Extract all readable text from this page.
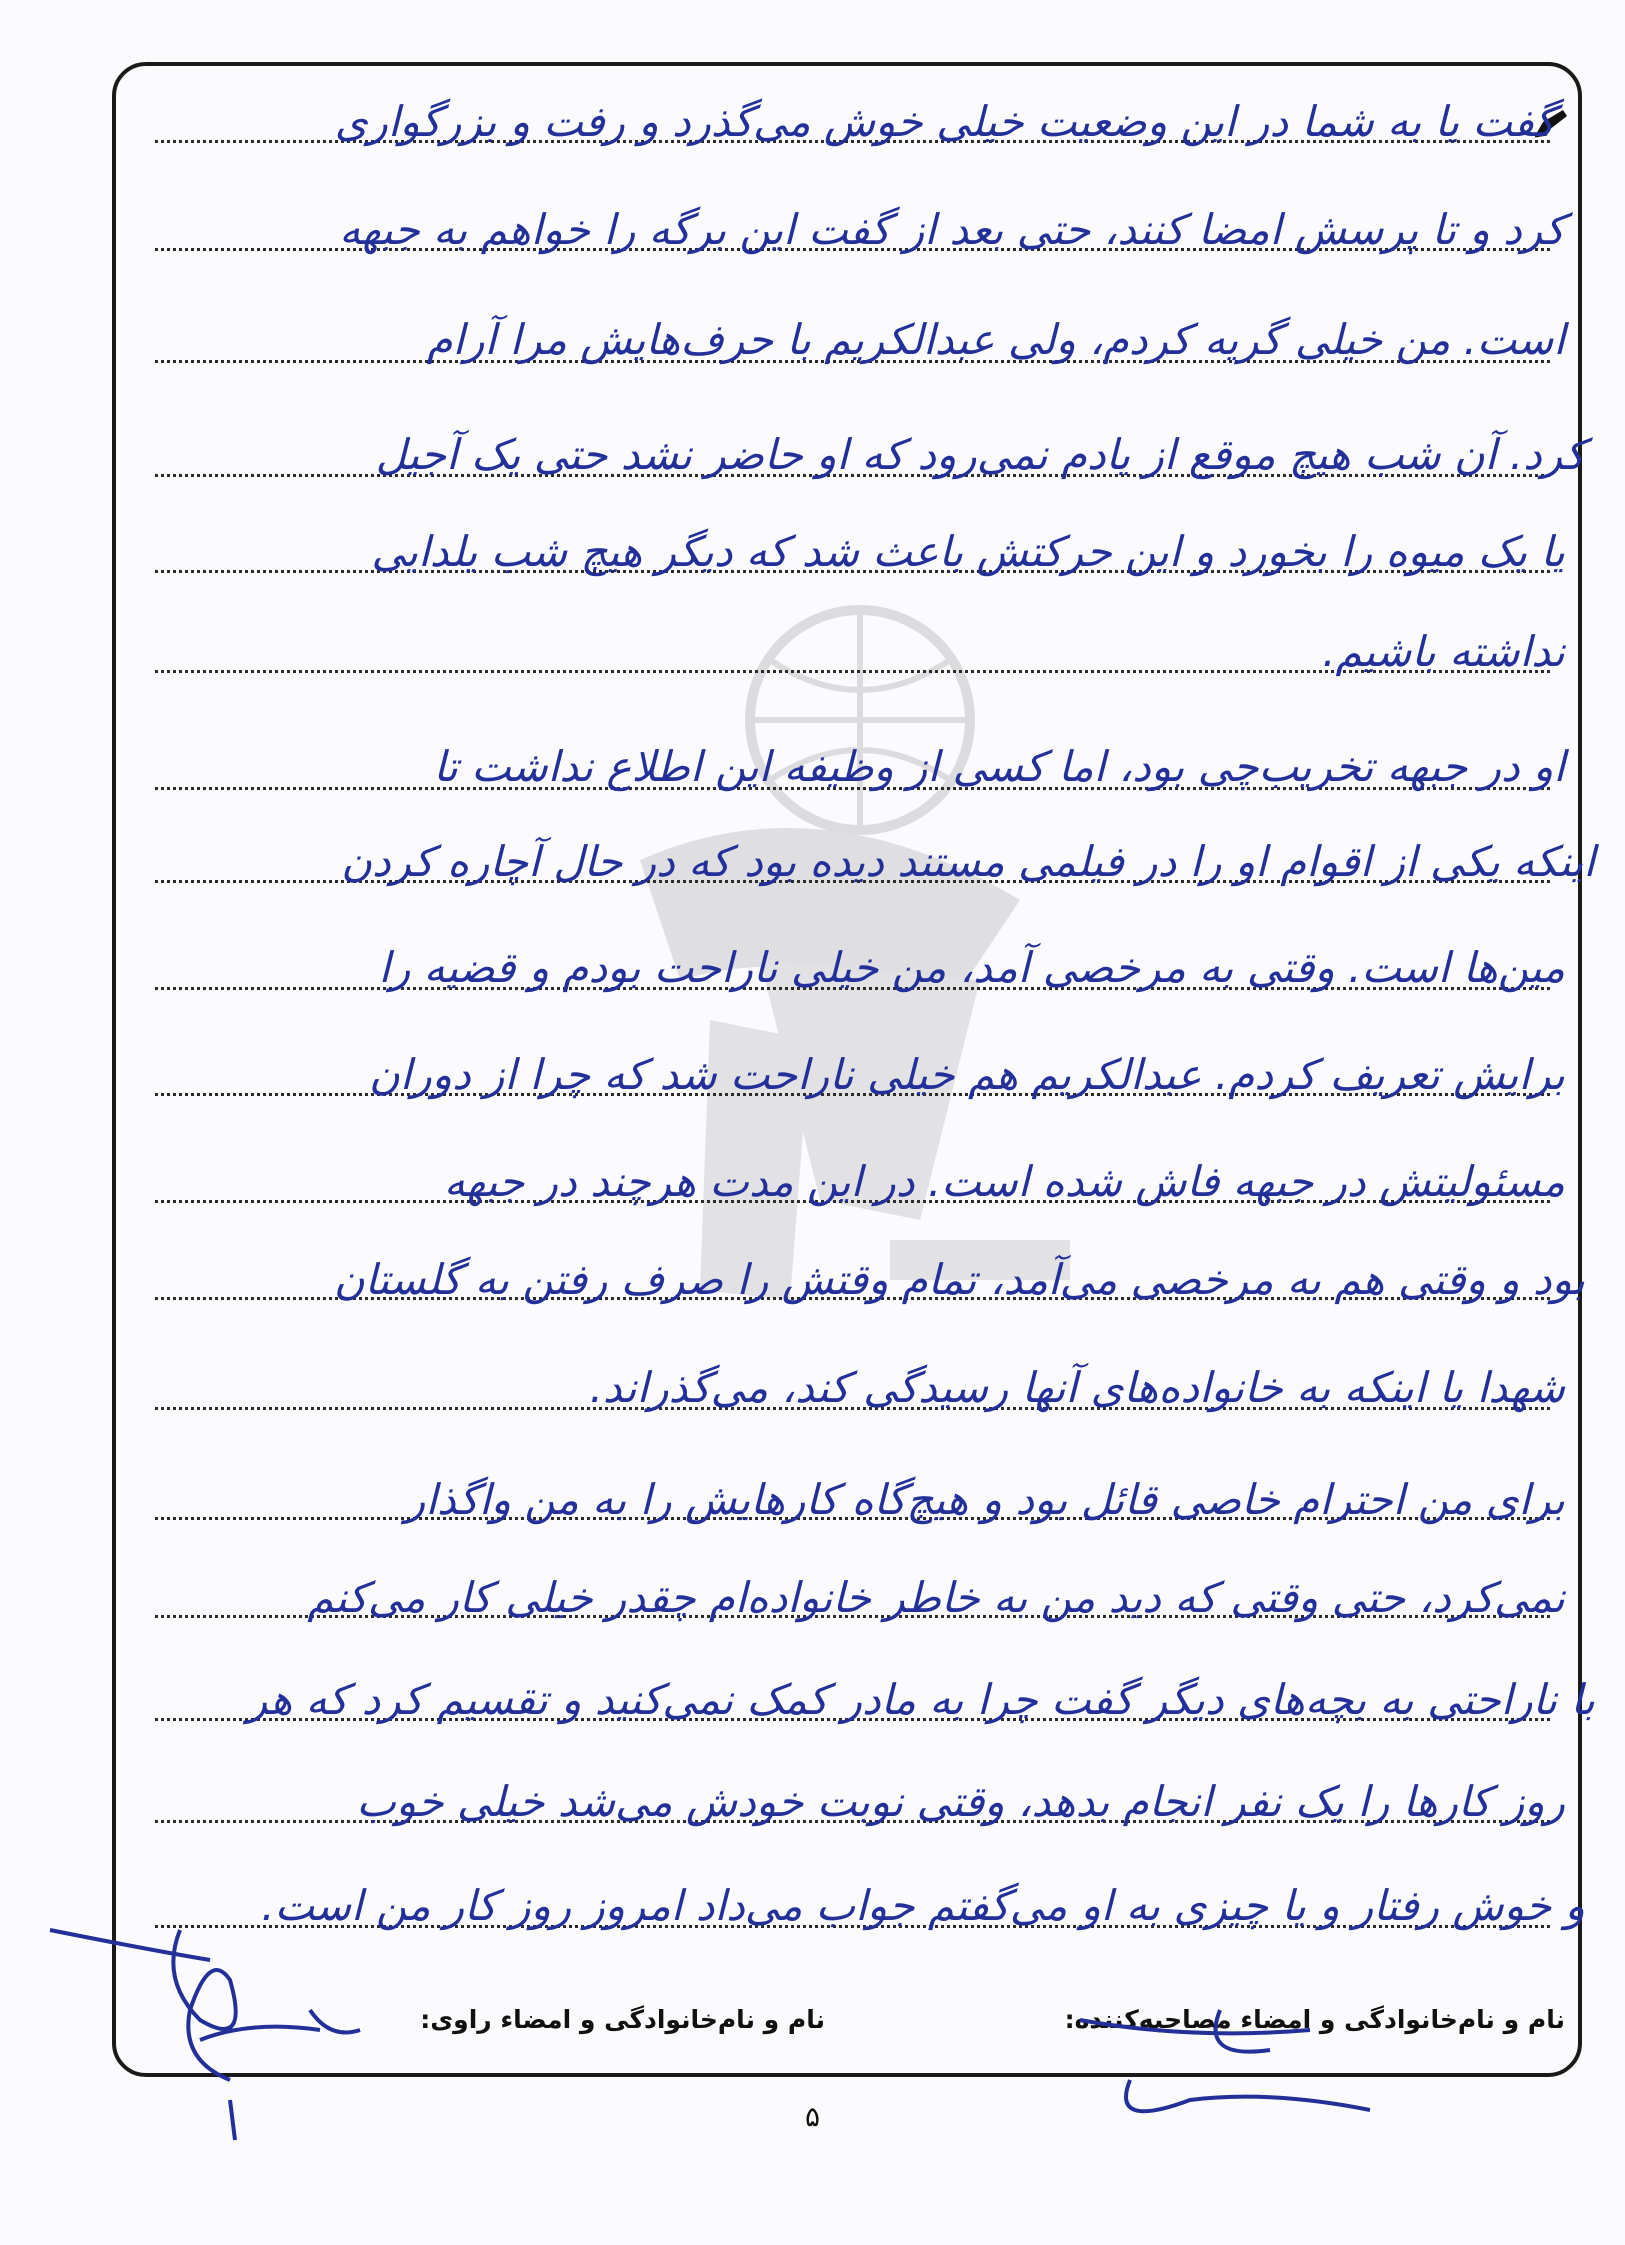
گفت یا به شما در این وضعیت خیلی خوش می‌گذرد و رفت و بزرگواری
کرد و تا پرسش امضا کنند، حتی بعد از گفت این برگه را خواهم به جبهه
است. من خیلی گریه کردم، ولی عبدالکریم با حرف‌هایش مرا آرام
کرد. آن شب هیچ موقع از یادم نمی‌رود که او حاضر نشد حتی یک آجیل
یا یک میوه را بخورد و این حرکتش باعث شد که دیگر هیچ شب یلدایی
نداشته باشیم.
او در جبهه تخریب‌چی بود، اما کسی از وظیفه این اطلاع نداشت تا
اینکه یکی از اقوام او را در فیلمی مستند دیده بود که در حال آچاره کردن
مین‌ها است. وقتی به مرخصی آمد، من خیلی ناراحت بودم و قضیه را
برایش تعریف کردم. عبدالکریم هم خیلی ناراحت شد که چرا از دوران
مسئولیتش در جبهه فاش شده است. در این مدت هرچند در جبهه
بود و وقتی هم به مرخصی می‌آمد، تمام وقتش را صرف رفتن به گلستان
شهدا یا اینکه به خانواده‌های آنها رسیدگی کند، می‌گذراند.
برای من احترام خاصی قائل بود و هیچ‌گاه کارهایش را به من واگذار
نمی‌کرد، حتی وقتی که دید من به خاطر خانواده‌ام چقدر خیلی کار می‌کنم
با ناراحتی به بچه‌های دیگر گفت چرا به مادر کمک نمی‌کنید و تقسیم کرد که هر
روز کارها را یک نفر انجام بدهد، وقتی نوبت خودش می‌شد خیلی خوب
و خوش رفتار و یا چیزی به او می‌گفتم جواب می‌داد امروز روز کار من است.
نام و نام‌خانوادگی و امضاء مصاحبه‌کننده:
نام و نام‌خانوادگی و امضاء راوی:
۵
